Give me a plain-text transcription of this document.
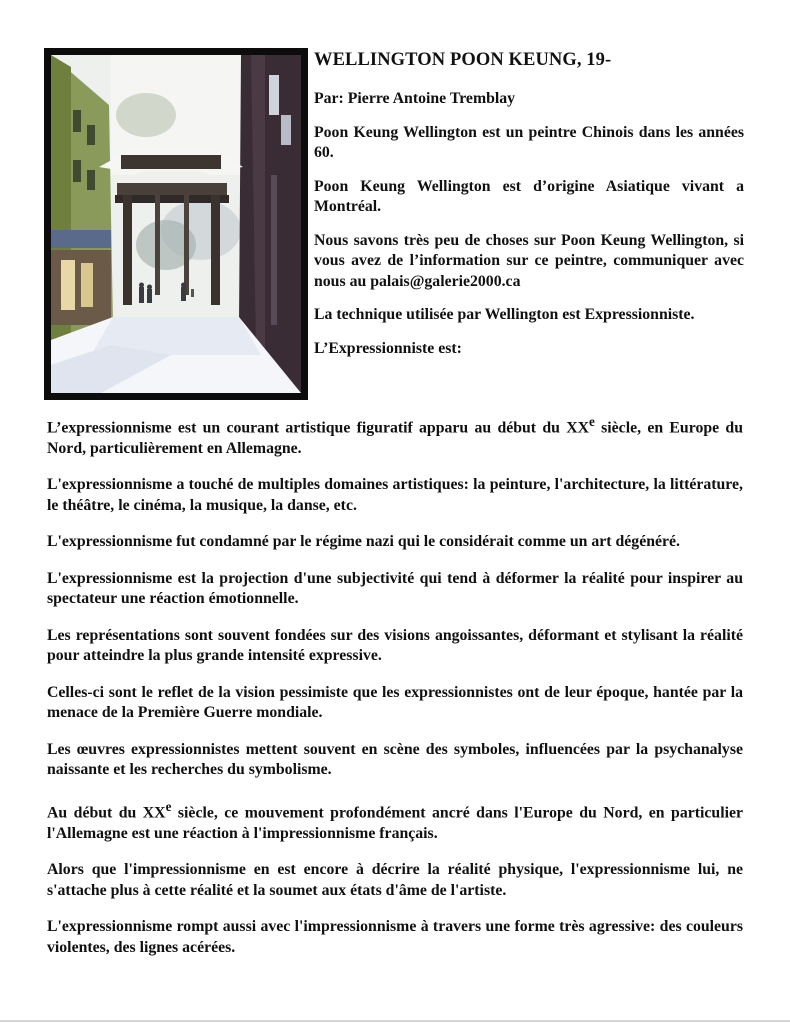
WELLINGTON POON KEUNG, 19-
Par: Pierre Antoine Tremblay
Poon Keung Wellington est un peintre Chinois dans les années 60.
Poon Keung Wellington est d’origine Asiatique vivant a Montréal.
Nous savons très peu de choses sur Poon Keung Wellington, si vous avez de l’information sur ce peintre, communiquer avec nous au palais@galerie2000.ca
La technique utilisée par Wellington est Expressionniste.
L’Expressionniste est:
L’expressionnisme est un courant artistique figuratif apparu au début du XXe siècle, en Europe du Nord, particulièrement en Allemagne.
L'expressionnisme a touché de multiples domaines artistiques: la peinture, l'architecture, la littérature, le théâtre, le cinéma, la musique, la danse, etc.
L'expressionnisme fut condamné par le régime nazi qui le considérait comme un art dégénéré.
L'expressionnisme est la projection d'une subjectivité qui tend à déformer la réalité pour inspirer au spectateur une réaction émotionnelle.
Les représentations sont souvent fondées sur des visions angoissantes, déformant et stylisant la réalité pour atteindre la plus grande intensité expressive.
Celles-ci sont le reflet de la vision pessimiste que les expressionnistes ont de leur époque, hantée par la menace de la Première Guerre mondiale.
Les œuvres expressionnistes mettent souvent en scène des symboles, influencées par la psychanalyse naissante et les recherches du symbolisme.
Au début du XXe siècle, ce mouvement profondément ancré dans l'Europe du Nord, en particulier l'Allemagne est une réaction à l'impressionnisme français.
Alors que l'impressionnisme en est encore à décrire la réalité physique, l'expressionnisme lui, ne s'attache plus à cette réalité et la soumet aux états d'âme de l'artiste.
L'expressionnisme rompt aussi avec l'impressionnisme à travers une forme très agressive: des couleurs violentes, des lignes acérées.
